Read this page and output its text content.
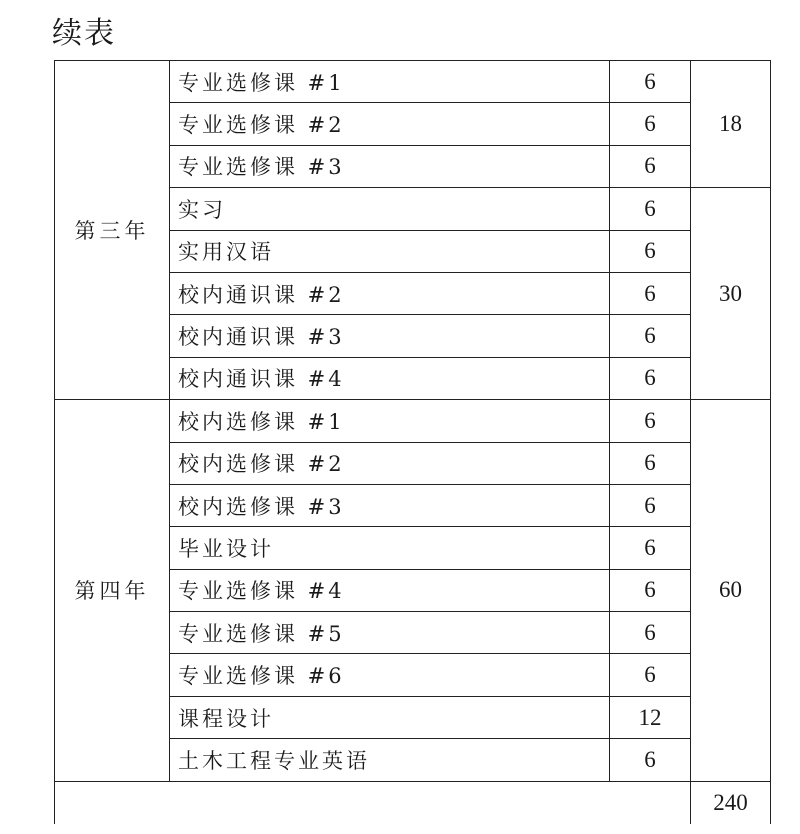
续表
第三年	专业选修课 #1	6	18
	专业选修课 #2	6	
	专业选修课 #3	6	
	实习	6	30
	实用汉语	6	
	校内通识课 #2	6	
	校内通识课 #3	6	
	校内通识课 #4	6	
第四年	校内选修课 #1	6	60
	校内选修课 #2	6	
	校内选修课 #3	6	
	毕业设计	6	
	专业选修课 #4	6	
	专业选修课 #5	6	
	专业选修课 #6	6	
	课程设计	12	
	土木工程专业英语	6	
			240
